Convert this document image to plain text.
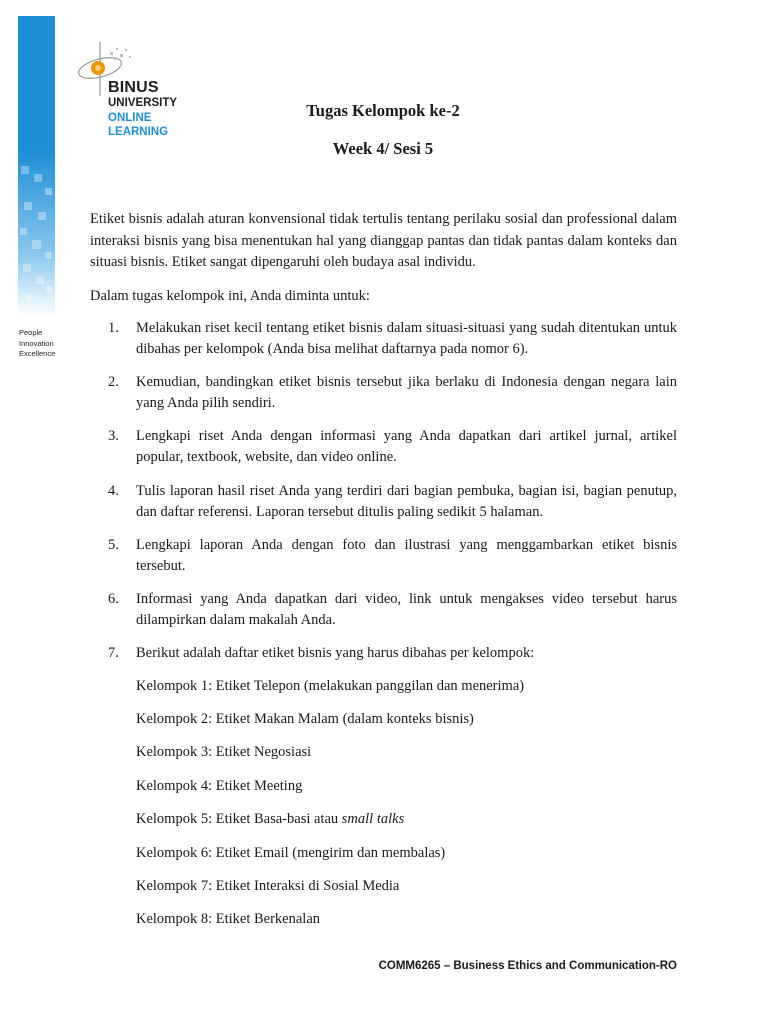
BINUS
UNIVERSITY
ONLINE
LEARNING
People
Innovation
Excellence
Tugas Kelompok ke-2
Week 4/ Sesi 5

Etiket bisnis adalah aturan konvensional tidak tertulis tentang perilaku sosial dan professional dalam interaksi bisnis yang bisa menentukan hal yang dianggap pantas dan tidak pantas dalam konteks dan situasi bisnis. Etiket sangat dipengaruhi oleh budaya asal individu.

Dalam tugas kelompok ini, Anda diminta untuk:
1.	Melakukan riset kecil tentang etiket bisnis dalam situasi-situasi yang sudah ditentukan untuk dibahas per kelompok (Anda bisa melihat daftarnya pada nomor 6).
2.	Kemudian, bandingkan etiket bisnis tersebut jika berlaku di Indonesia dengan negara lain yang Anda pilih sendiri.
3.	Lengkapi riset Anda dengan informasi yang Anda dapatkan dari artikel jurnal, artikel popular, textbook, website, dan video online.
4.	Tulis laporan hasil riset Anda yang terdiri dari bagian pembuka, bagian isi, bagian penutup, dan daftar referensi. Laporan tersebut ditulis paling sedikit 5 halaman.
5.	Lengkapi laporan Anda dengan foto dan ilustrasi yang menggambarkan etiket bisnis tersebut.
6.	Informasi yang Anda dapatkan dari video, link untuk mengakses video tersebut harus dilampirkan dalam makalah Anda.
7.	Berikut adalah daftar etiket bisnis yang harus dibahas per kelompok:
Kelompok 1: Etiket Telepon (melakukan panggilan dan menerima)
Kelompok 2: Etiket Makan Malam (dalam konteks bisnis)
Kelompok 3: Etiket Negosiasi
Kelompok 4: Etiket Meeting
Kelompok 5: Etiket Basa-basi atau small talks
Kelompok 6: Etiket Email (mengirim dan membalas)
Kelompok 7: Etiket Interaksi di Sosial Media
Kelompok 8: Etiket Berkenalan
COMM6265 – Business Ethics and Communication-RO
